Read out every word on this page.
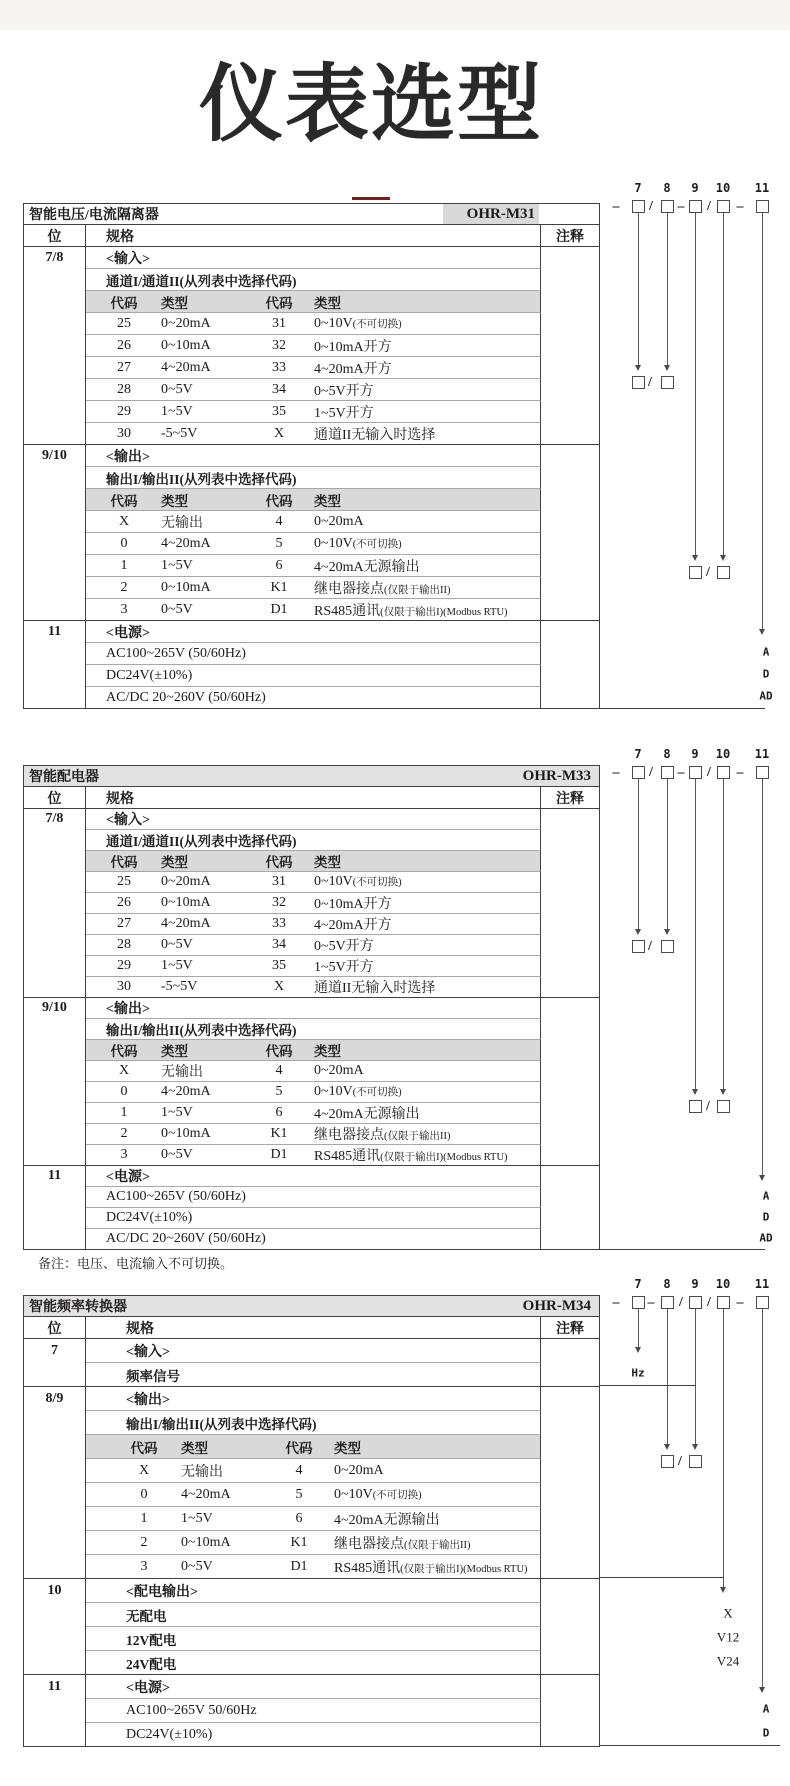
仪表选型
智能电压/电流隔离器	OHR-M31
位	规格	注释
7/8	<输入>
通道I/通道II(从列表中选择代码)
代码	类型	代码	类型
25	0~20mA	31	0~10V(不可切换)
26	0~10mA	32	0~10mA开方
27	4~20mA	33	4~20mA开方
28	0~5V	34	0~5V开方
29	1~5V	35	1~5V开方
30	-5~5V	X	通道II无输入时选择
9/10	<输出>
输出I/输出II(从列表中选择代码)
代码	类型	代码	类型
X	无输出	4	0~20mA
0	4~20mA	5	0~10V(不可切换)
1	1~5V	6	4~20mA无源输出
2	0~10mA	K1	继电器接点(仅限于输出II)
3	0~5V	D1	RS485通讯(仅限于输出I)(Modbus RTU)
11	<电源>
AC100~265V (50/60Hz)
DC24V(±10%)
AC/DC 20~260V (50/60Hz)
7 8 9 10 11
– / – / –
/
/
A
D
AD
智能配电器	OHR-M33
位	规格	注释
7/8	<输入>
通道I/通道II(从列表中选择代码)
代码	类型	代码	类型
25	0~20mA	31	0~10V(不可切换)
26	0~10mA	32	0~10mA开方
27	4~20mA	33	4~20mA开方
28	0~5V	34	0~5V开方
29	1~5V	35	1~5V开方
30	-5~5V	X	通道II无输入时选择
9/10	<输出>
输出I/输出II(从列表中选择代码)
代码	类型	代码	类型
X	无输出	4	0~20mA
0	4~20mA	5	0~10V(不可切换)
1	1~5V	6	4~20mA无源输出
2	0~10mA	K1	继电器接点(仅限于输出II)
3	0~5V	D1	RS485通讯(仅限于输出I)(Modbus RTU)
11	<电源>
AC100~265V (50/60Hz)
DC24V(±10%)
AC/DC 20~260V (50/60Hz)
7 8 9 10 11
– / – / –
/
/
A
D
AD
备注：电压、电流输入不可切换。
智能频率转换器	OHR-M34
位	规格	注释
7	<输入>
频率信号
8/9	<输出>
输出I/输出II(从列表中选择代码)
代码	类型	代码	类型
X	无输出	4	0~20mA
0	4~20mA	5	0~10V(不可切换)
1	1~5V	6	4~20mA无源输出
2	0~10mA	K1	继电器接点(仅限于输出II)
3	0~5V	D1	RS485通讯(仅限于输出I)(Modbus RTU)
10	<配电输出>
无配电
12V配电
24V配电
11	<电源>
AC100~265V 50/60Hz
DC24V(±10%)
7 8 9 10 11
– – / / –
Hz
/
X
V12
V24
A
D
